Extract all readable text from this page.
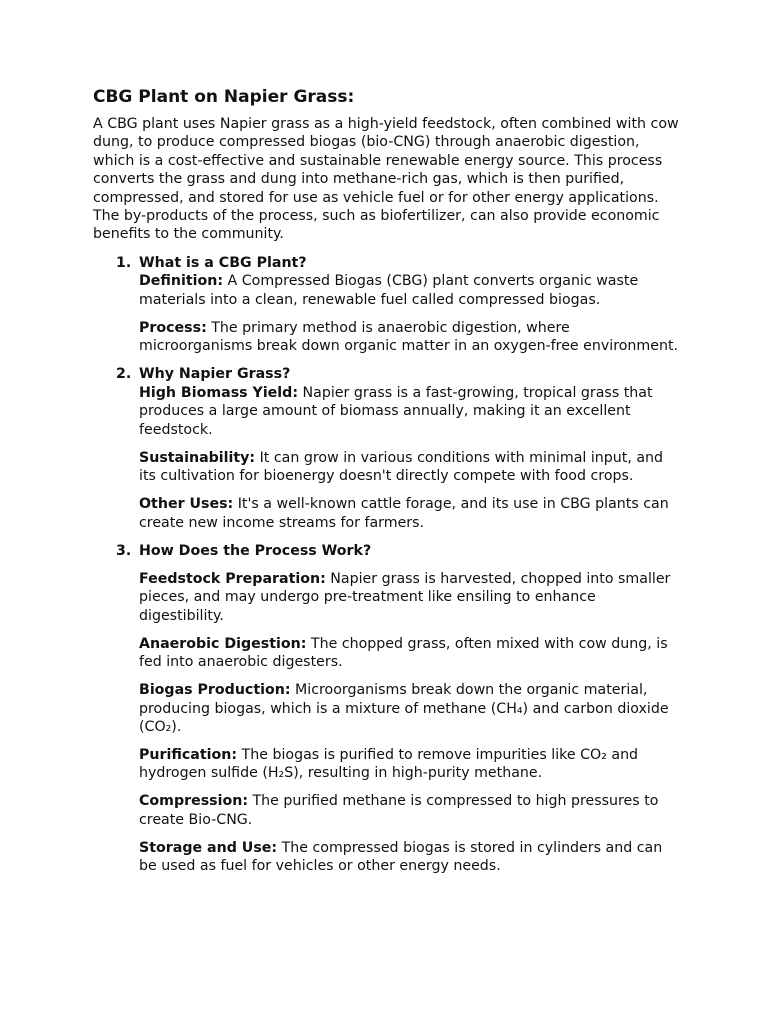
CBG Plant on Napier Grass:

A CBG plant uses Napier grass as a high-yield feedstock, often combined with cow dung, to produce compressed biogas (bio-CNG) through anaerobic digestion, which is a cost-effective and sustainable renewable energy source. This process converts the grass and dung into methane-rich gas, which is then purified, compressed, and stored for use as vehicle fuel or for other energy applications. The by-products of the process, such as biofertilizer, can also provide economic benefits to the community.

1. What is a CBG Plant?

Definition: A Compressed Biogas (CBG) plant converts organic waste materials into a clean, renewable fuel called compressed biogas.

Process: The primary method is anaerobic digestion, where microorganisms break down organic matter in an oxygen-free environment.

2. Why Napier Grass?

High Biomass Yield: Napier grass is a fast-growing, tropical grass that produces a large amount of biomass annually, making it an excellent feedstock.

Sustainability: It can grow in various conditions with minimal input, and its cultivation for bioenergy doesn't directly compete with food crops.

Other Uses: It's a well-known cattle forage, and its use in CBG plants can create new income streams for farmers.

3. How Does the Process Work?

Feedstock Preparation: Napier grass is harvested, chopped into smaller pieces, and may undergo pre-treatment like ensiling to enhance digestibility.

Anaerobic Digestion: The chopped grass, often mixed with cow dung, is fed into anaerobic digesters.

Biogas Production: Microorganisms break down the organic material, producing biogas, which is a mixture of methane (CH₄) and carbon dioxide (CO₂).

Purification: The biogas is purified to remove impurities like CO₂ and hydrogen sulfide (H₂S), resulting in high-purity methane.

Compression: The purified methane is compressed to high pressures to create Bio-CNG.

Storage and Use: The compressed biogas is stored in cylinders and can be used as fuel for vehicles or other energy needs.
